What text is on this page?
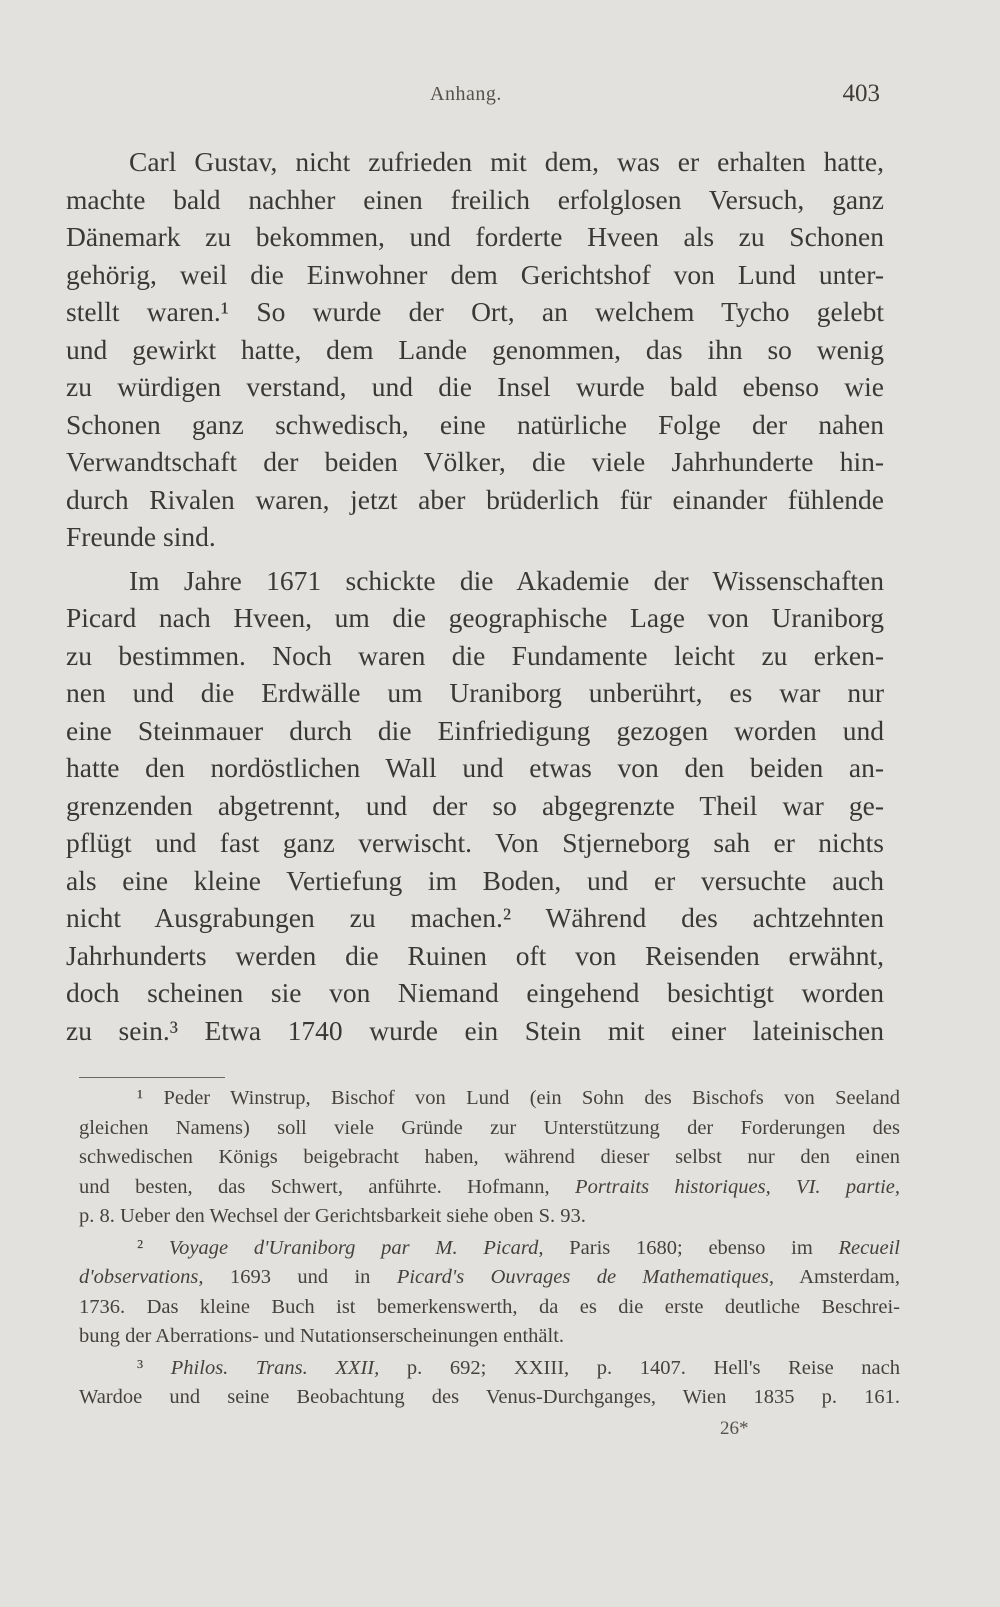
Anhang.	403
Carl Gustav, nicht zufrieden mit dem, was er erhalten hatte,
machte bald nachher einen freilich erfolglosen Versuch, ganz
Dänemark zu bekommen, und forderte Hveen als zu Schonen
gehörig, weil die Einwohner dem Gerichtshof von Lund unter-
stellt waren.¹ So wurde der Ort, an welchem Tycho gelebt
und gewirkt hatte, dem Lande genommen, das ihn so wenig
zu würdigen verstand, und die Insel wurde bald ebenso wie
Schonen ganz schwedisch, eine natürliche Folge der nahen
Verwandtschaft der beiden Völker, die viele Jahrhunderte hin-
durch Rivalen waren, jetzt aber brüderlich für einander fühlende
Freunde sind.
Im Jahre 1671 schickte die Akademie der Wissenschaften
Picard nach Hveen, um die geographische Lage von Uraniborg
zu bestimmen. Noch waren die Fundamente leicht zu erken-
nen und die Erdwälle um Uraniborg unberührt, es war nur
eine Steinmauer durch die Einfriedigung gezogen worden und
hatte den nordöstlichen Wall und etwas von den beiden an-
grenzenden abgetrennt, und der so abgegrenzte Theil war ge-
pflügt und fast ganz verwischt. Von Stjerneborg sah er nichts
als eine kleine Vertiefung im Boden, und er versuchte auch
nicht Ausgrabungen zu machen.² Während des achtzehnten
Jahrhunderts werden die Ruinen oft von Reisenden erwähnt,
doch scheinen sie von Niemand eingehend besichtigt worden
zu sein.³ Etwa 1740 wurde ein Stein mit einer lateinischen
¹ Peder Winstrup, Bischof von Lund (ein Sohn des Bischofs von Seeland
gleichen Namens) soll viele Gründe zur Unterstützung der Forderungen des
schwedischen Königs beigebracht haben, während dieser selbst nur den einen
und besten, das Schwert, anführte. Hofmann, Portraits historiques, VI. partie,
p. 8. Ueber den Wechsel der Gerichtsbarkeit siehe oben S. 93.
² Voyage d'Uraniborg par M. Picard, Paris 1680; ebenso im Recueil
d'observations, 1693 und in Picard's Ouvrages de Mathematiques, Amsterdam,
1736. Das kleine Buch ist bemerkenswerth, da es die erste deutliche Beschrei-
bung der Aberrations- und Nutationserscheinungen enthält.
³ Philos. Trans. XXII, p. 692; XXIII, p. 1407. Hell's Reise nach
Wardoe und seine Beobachtung des Venus-Durchganges, Wien 1835 p. 161.
26*
